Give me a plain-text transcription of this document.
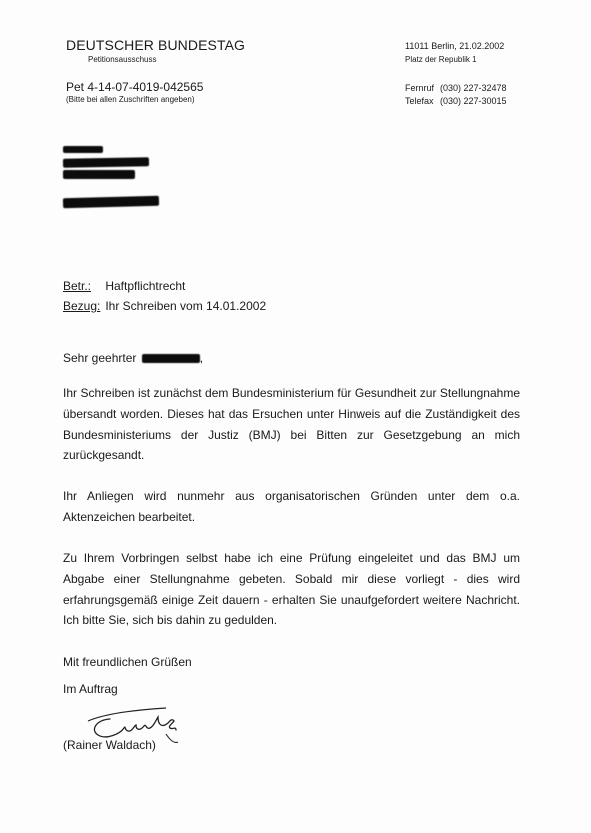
DEUTSCHER BUNDESTAG
Petitionsausschuss
Pet 4-14-07-4019-042565
(Bitte bei allen Zuschriften angeben)
11011 Berlin, 21.02.2002
Platz der Republik 1
Fernruf (030) 227-32478
Telefax (030) 227-30015
Betr.: Haftpflichtrecht
Bezug: Ihr Schreiben vom 14.01.2002
Sehr geehrter	,
Ihr Schreiben ist zunächst dem Bundesministerium für Gesundheit zur Stellungnahme übersandt worden. Dieses hat das Ersuchen unter Hinweis auf die Zuständigkeit des Bundesministeriums der Justiz (BMJ) bei Bitten zur Gesetzgebung an mich zurückgesandt.
Ihr Anliegen wird nunmehr aus organisatorischen Gründen unter dem o.a. Aktenzeichen bearbeitet.
Zu Ihrem Vorbringen selbst habe ich eine Prüfung eingeleitet und das BMJ um Abgabe einer Stellungnahme gebeten. Sobald mir diese vorliegt - dies wird erfahrungsgemäß einige Zeit dauern - erhalten Sie unaufgefordert weitere Nachricht. Ich bitte Sie, sich bis dahin zu gedulden.
Mit freundlichen Grüßen
Im Auftrag
(Rainer Waldach)
